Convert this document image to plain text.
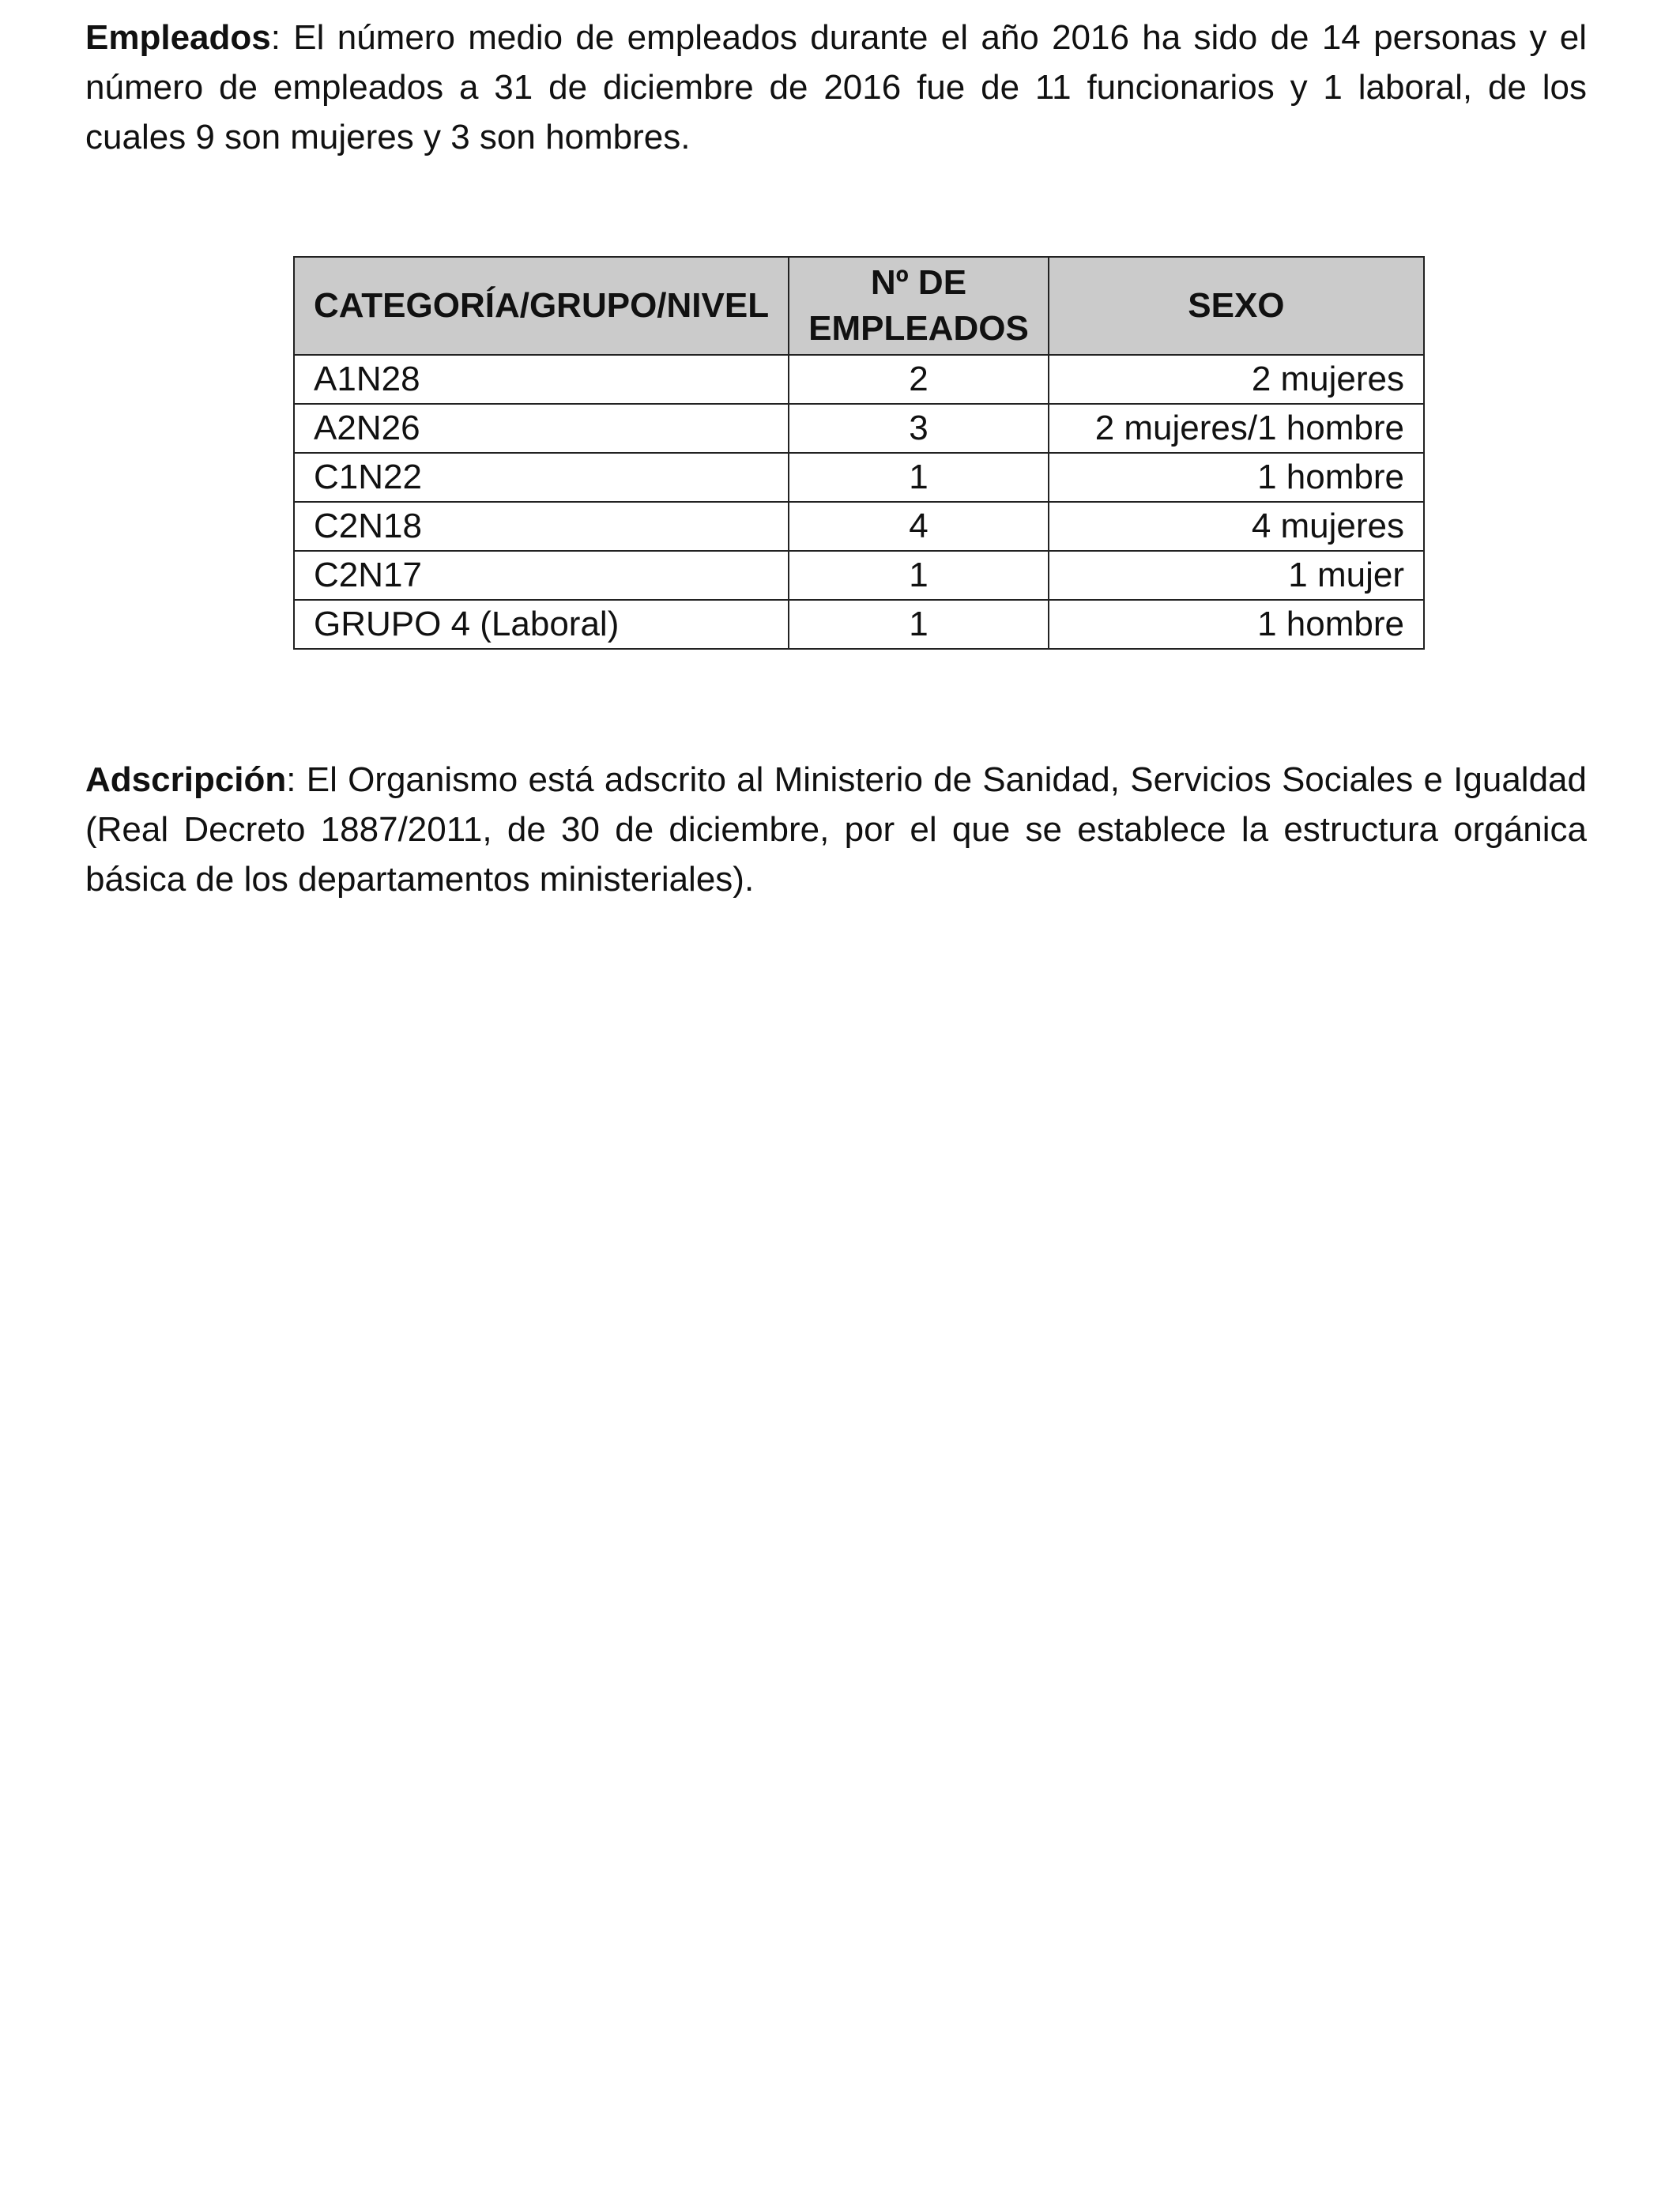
Empleados: El número medio de empleados durante el año 2016 ha sido de 14 personas y el número de empleados a 31 de diciembre de 2016 fue de 11 funcionarios y 1 laboral, de los cuales 9 son mujeres y 3 son hombres.

CATEGORÍA/GRUPO/NIVEL	Nº DE EMPLEADOS	SEXO
A1N28	2	2 mujeres
A2N26	3	2 mujeres/1 hombre
C1N22	1	1 hombre
C2N18	4	4 mujeres
C2N17	1	1 mujer
GRUPO 4 (Laboral)	1	1 hombre

Adscripción: El Organismo está adscrito al Ministerio de Sanidad, Servicios Sociales e Igualdad (Real Decreto 1887/2011, de 30 de diciembre, por el que se establece la estructura orgánica básica de los departamentos ministeriales).
